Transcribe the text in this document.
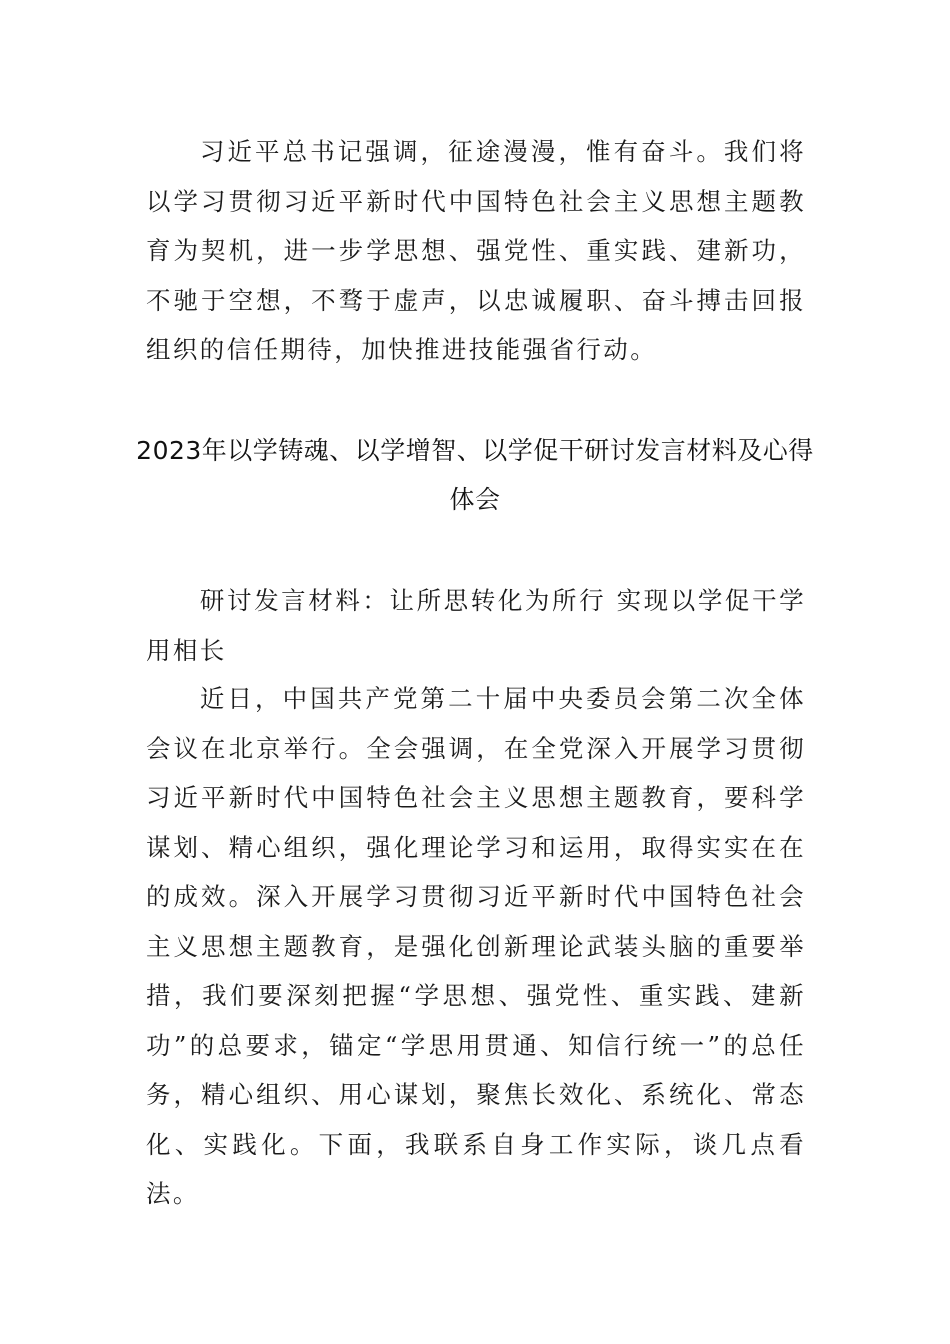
习近平总书记强调，征途漫漫，惟有奋斗。我们将以学习贯彻习近平新时代中国特色社会主义思想主题教育为契机，进一步学思想、强党性、重实践、建新功，不驰于空想，不骛于虚声，以忠诚履职、奋斗搏击回报组织的信任期待，加快推进技能强省行动。

2023年以学铸魂、以学增智、以学促干研讨发言材料及心得体会

研讨发言材料：让所思转化为所行 实现以学促干学用相长

近日，中国共产党第二十届中央委员会第二次全体会议在北京举行。全会强调，在全党深入开展学习贯彻习近平新时代中国特色社会主义思想主题教育，要科学谋划、精心组织，强化理论学习和运用，取得实实在在的成效。深入开展学习贯彻习近平新时代中国特色社会主义思想主题教育，是强化创新理论武装头脑的重要举措，我们要深刻把握“学思想、强党性、重实践、建新功”的总要求，锚定“学思用贯通、知信行统一”的总任务，精心组织、用心谋划，聚焦长效化、系统化、常态化、实践化。下面，我联系自身工作实际，谈几点看法。
